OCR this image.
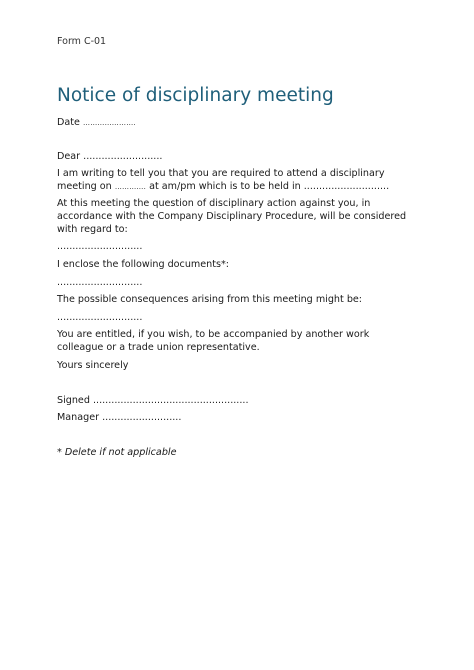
Form C-01
Notice of disciplinary meeting
Date ………………….
Dear ..........................
I am writing to tell you that you are required to attend a disciplinary
meeting on …………. at am/pm which is to be held in ............................
At this meeting the question of disciplinary action against you, in
accordance with the Company Disciplinary Procedure, will be considered
with regard to:
............................
I enclose the following documents*:
............................
The possible consequences arising from this meeting might be:
............................
You are entitled, if you wish, to be accompanied by another work
colleague or a trade union representative.
Yours sincerely
Signed ...................................................
Manager ..........................
* Delete if not applicable
